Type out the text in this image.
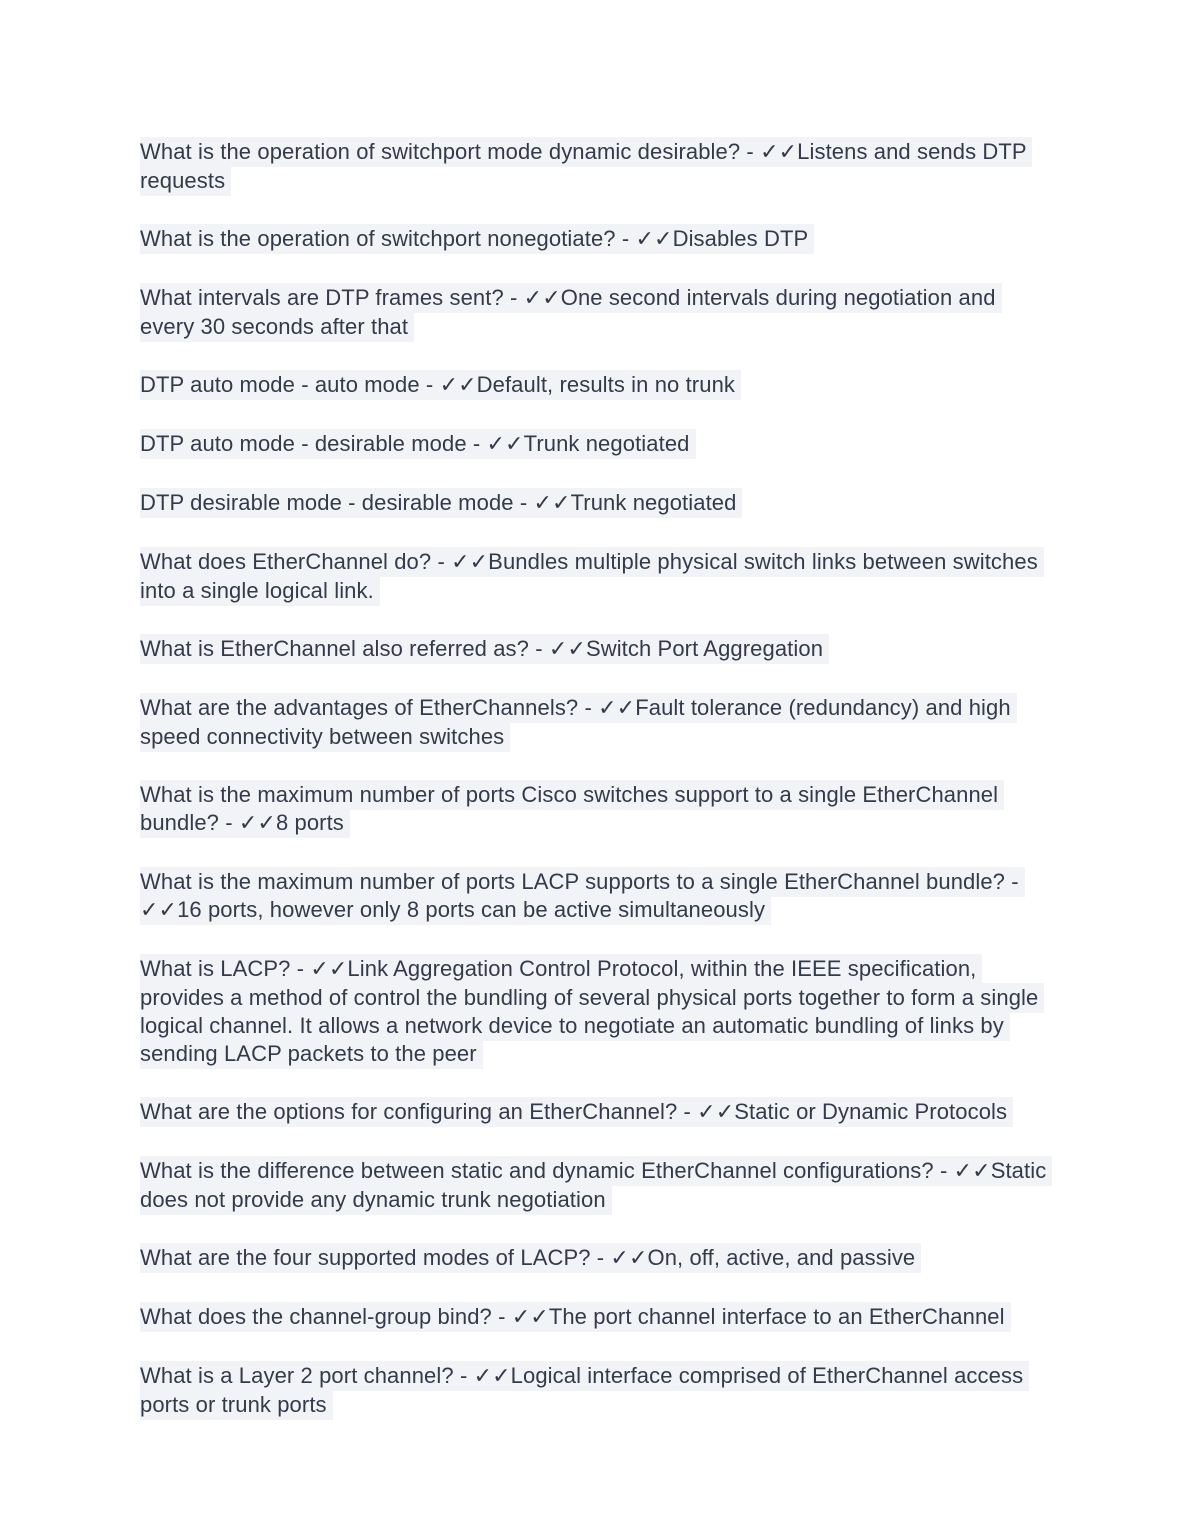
What is the operation of switchport mode dynamic desirable? - ✓✓Listens and sends DTP requests

What is the operation of switchport nonegotiate? - ✓✓Disables DTP

What intervals are DTP frames sent? - ✓✓One second intervals during negotiation and every 30 seconds after that

DTP auto mode - auto mode - ✓✓Default, results in no trunk

DTP auto mode - desirable mode - ✓✓Trunk negotiated

DTP desirable mode - desirable mode - ✓✓Trunk negotiated

What does EtherChannel do? - ✓✓Bundles multiple physical switch links between switches into a single logical link.

What is EtherChannel also referred as? - ✓✓Switch Port Aggregation

What are the advantages of EtherChannels? - ✓✓Fault tolerance (redundancy) and high speed connectivity between switches

What is the maximum number of ports Cisco switches support to a single EtherChannel bundle? - ✓✓8 ports

What is the maximum number of ports LACP supports to a single EtherChannel bundle? - ✓✓16 ports, however only 8 ports can be active simultaneously

What is LACP? - ✓✓Link Aggregation Control Protocol, within the IEEE specification, provides a method of control the bundling of several physical ports together to form a single logical channel. It allows a network device to negotiate an automatic bundling of links by sending LACP packets to the peer

What are the options for configuring an EtherChannel? - ✓✓Static or Dynamic Protocols

What is the difference between static and dynamic EtherChannel configurations? - ✓✓Static does not provide any dynamic trunk negotiation

What are the four supported modes of LACP? - ✓✓On, off, active, and passive

What does the channel-group bind? - ✓✓The port channel interface to an EtherChannel

What is a Layer 2 port channel? - ✓✓Logical interface comprised of EtherChannel access ports or trunk ports
